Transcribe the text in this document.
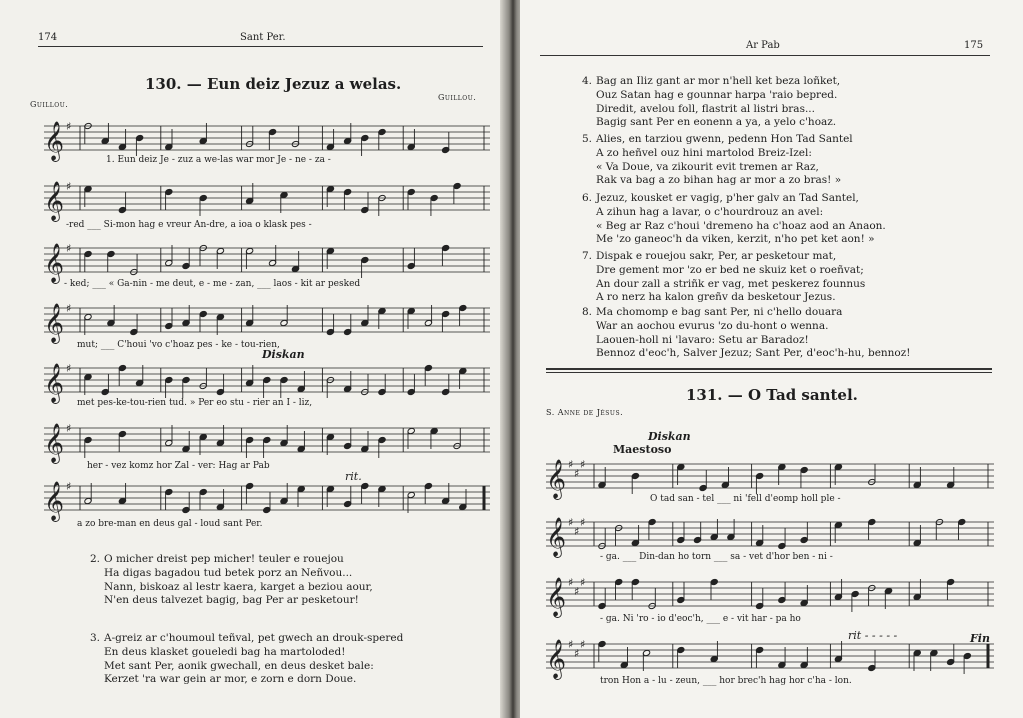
174	Sant Per.
130. — Eun deiz Jezuz a welas.
Guillou.
Guillou.
𝄞 ♯
𝄞 ♯
𝄞 ♯
𝄞 ♯
𝄞 ♯
𝄞 ♯
𝄞 ♯
Diskan
rit.
1. Eun deiz Je - zuz a we-las war mor Je - ne - za -
-red ___ Si-mon hag e vreur An-dre, a ioa o klask pes -
- ked; ___ « Ga-nin - me deut, e - me - zan, ___ laos - kit ar pesked
mut; ___ C'houi 'vo c'hoaz pes - ke - tou-rien,
met pes-ke-tou-rien tud. » Per eo stu - rier an I - liz,
her - vez komz hor Zal - ver: Hag ar Pab
a zo bre-man en deus gal - loud sant Per.
2. O micher dreist pep micher! teuler e rouejou
Ha digas bagadou tud betek porz an Neñvou...
Nann, biskoaz al lestr kaera, karget a beziou aour,
N'en deus talvezet bagig, bag Per ar pesketour!
3. A-greiz ar c'houmoul teñval, pet gwech an drouk-spered
En deus klasket goueledi bag ha martoloded!
Met sant Per, aonik gwechall, en deus desket bale:
Kerzet 'ra war gein ar mor, e zorn e dorn Doue.
Ar Pab	175
4. Bag an Iliz gant ar mor n'hell ket beza loñket,
Ouz Satan hag e gounnar harpa 'raio bepred.
Diredit, avelou foll, flastrit al listri bras...
Bagig sant Per en eonenn a ya, a yelo c'hoaz.
5. Alies, en tarziou gwenn, pedenn Hon Tad Santel
A zo heñvel ouz hini martolod Breiz-Izel:
« Va Doue, va zikourit evit tremen ar Raz,
Rak va bag a zo bihan hag ar mor a zo bras! »
6. Jezuz, kousket er vagig, p'her galv an Tad Santel,
A zihun hag a lavar, o c'hourdrouz an avel:
« Beg ar Raz c'houi 'dremeno ha c'hoaz aod an Anaon.
Me 'zo ganeoc'h da viken, kerzit, n'ho pet ket aon! »
7. Dispak e rouejou sakr, Per, ar pesketour mat,
Dre gement mor 'zo er bed ne skuiz ket o roeñvat;
An dour zall a striñk er vag, met peskerez founnus
A ro nerz ha kalon greñv da besketour Jezus.
8. Ma chomomp e bag sant Per, ni c'hello douara
War an aochou evurus 'zo du-hont o wenna.
Laouen-holl ni 'lavaro: Setu ar Baradoz!
Bennoz d'eoc'h, Salver Jezuz; Sant Per, d'eoc'h-hu, bennoz!
131. — O Tad santel.
S. Anne de Jésus.
Diskan
Maestoso
𝄞 ♯
♯
♯
𝄞 ♯
♯
♯
𝄞 ♯
♯
♯
𝄞 ♯
♯
♯
rit - - - - -	Fin
O tad san - tel ___ ni 'fell d'eomp holl ple -
- ga. ___ Din-dan ho torn ___ sa - vet d'hor ben - ni -
- ga. Ni 'ro - io d'eoc'h, ___ e - vit har - pa ho
tron Hon a - lu - zeun, ___ hor brec'h hag hor c'ha - lon.
